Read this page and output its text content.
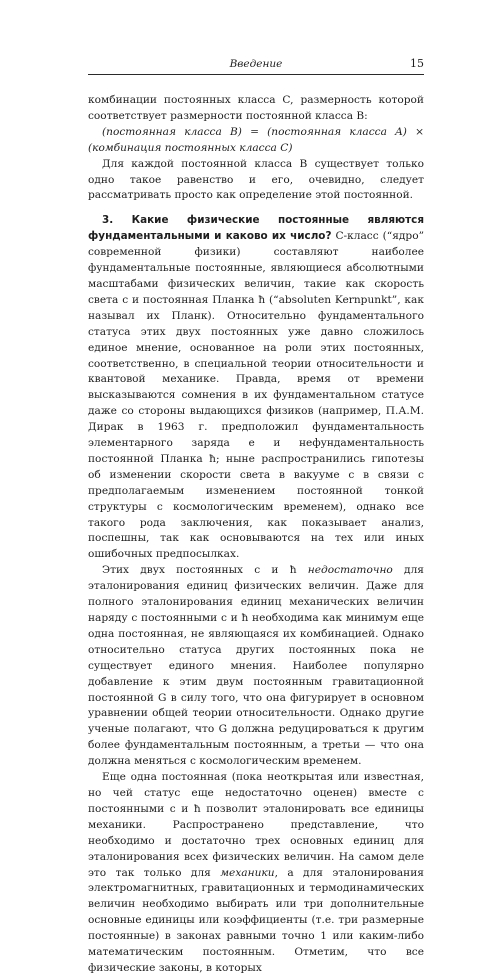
Введение	15

комбинации постоянных класса C, размерность которой соответствует размерности постоянной класса B:

(постоянная класса B) = (постоянная класса A) × (комбинация постоянных класса C)

Для каждой постоянной класса B существует только одно такое равенство и его, очевидно, следует рассматривать просто как определение этой постоянной.

3. Какие физические постоянные являются фундаментальными и каково их число? C-класс (“ядро” современной физики) составляют наиболее фундаментальные постоянные, являющиеся абсолютными масштабами физических величин, такие как скорость света c и постоянная Планка ħ (“absoluten Kernpunkt”, как называл их Планк). Относительно фундаментального статуса этих двух постоянных уже давно сложилось единое мнение, основанное на роли этих постоянных, соответственно, в специальной теории относительности и квантовой механике. Правда, время от времени высказываются сомнения в их фундаментальном статусе даже со стороны выдающихся физиков (например, П.А.М. Дирак в 1963 г. предположил фундаментальность элементарного заряда e и нефундаментальность постоянной Планка ħ; ныне распространились гипотезы об изменении скорости света в вакууме c в связи с предполагаемым изменением постоянной тонкой структуры с космологическим временем), однако все такого рода заключения, как показывает анализ, поспешны, так как основываются на тех или иных ошибочных предпосылках.

Этих двух постоянных c и ħ недостаточно для эталонирования единиц физических величин. Даже для полного эталонирования единиц механических величин наряду с постоянными c и ħ необходима как минимум еще одна постоянная, не являющаяся их комбинацией. Однако относительно статуса других постоянных пока не существует единого мнения. Наиболее популярно добавление к этим двум постоянным гравитационной постоянной G в силу того, что она фигурирует в основном уравнении общей теории относительности. Однако другие ученые полагают, что G должна редуцироваться к другим более фундаментальным постоянным, а третьи — что она должна меняться с космологическим временем.

Еще одна постоянная (пока неоткрытая или известная, но чей статус еще недостаточно оценен) вместе с постоянными c и ħ позволит эталонировать все единицы механики. Распространено представление, что необходимо и достаточно трех основных единиц для эталонирования всех физических величин. На самом деле это так только для механики, а для эталонирования электромагнитных, гравитационных и термодинамических величин необходимо выбирать или три дополнительные основные единицы или коэффициенты (т.е. три размерные постоянные) в законах равными точно 1 или каким-либо математическим постоянным. Отметим, что все физические законы, в которых
